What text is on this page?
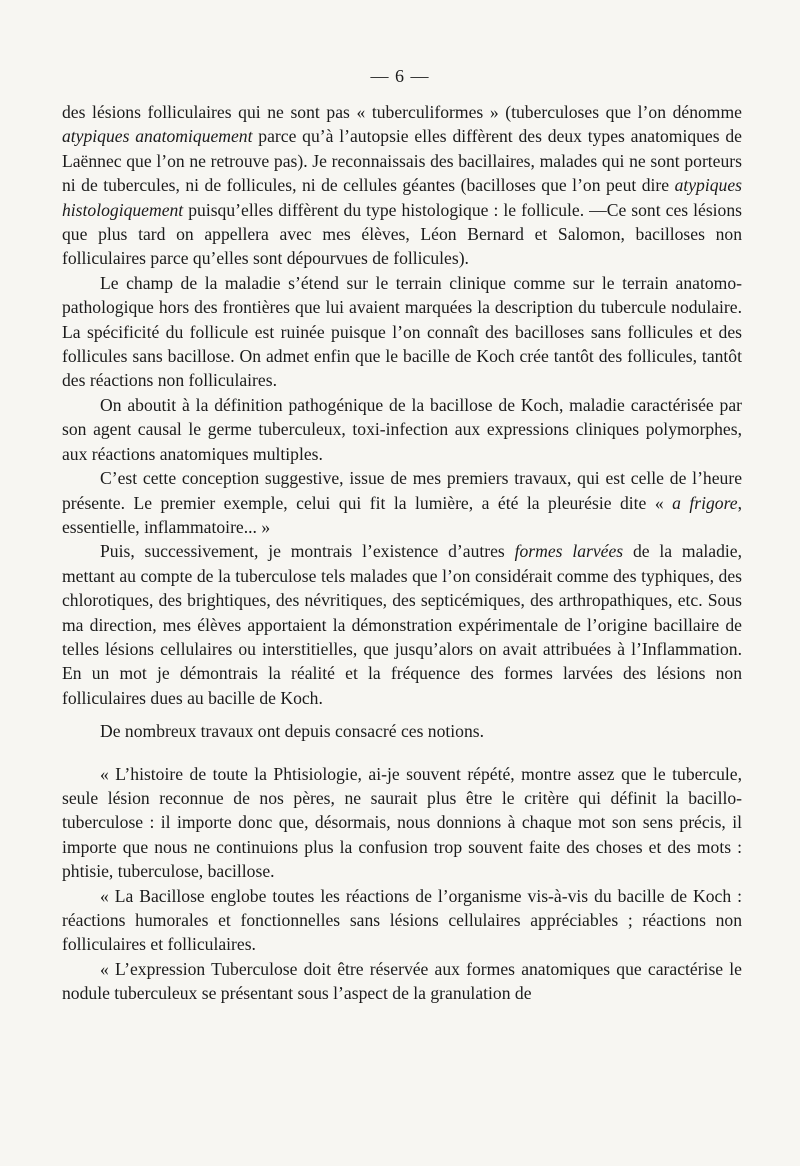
— 6 —

des lésions folliculaires qui ne sont pas « tuberculiformes » (tuberculoses que l’on dénomme atypiques anatomiquement parce qu’à l’autopsie elles diffèrent des deux types anatomiques de Laënnec que l’on ne retrouve pas). Je reconnaissais des bacillaires, malades qui ne sont porteurs ni de tubercules, ni de follicules, ni de cellules géantes (bacilloses que l’on peut dire atypiques histologiquement puisqu’elles diffèrent du type histologique : le follicule. —Ce sont ces lésions que plus tard on appellera avec mes élèves, Léon Bernard et Salomon, bacilloses non folliculaires parce qu’elles sont dépourvues de follicules).

Le champ de la maladie s’étend sur le terrain clinique comme sur le terrain anatomo-pathologique hors des frontières que lui avaient marquées la description du tubercule nodulaire. La spécificité du follicule est ruinée puisque l’on connaît des bacilloses sans follicules et des follicules sans bacillose. On admet enfin que le bacille de Koch crée tantôt des follicules, tantôt des réactions non folliculaires.

On aboutit à la définition pathogénique de la bacillose de Koch, maladie caractérisée par son agent causal le germe tuberculeux, toxi-infection aux expressions cliniques polymorphes, aux réactions anatomiques multiples.

C’est cette conception suggestive, issue de mes premiers travaux, qui est celle de l’heure présente. Le premier exemple, celui qui fit la lumière, a été la pleurésie dite « a frigore, essentielle, inflammatoire... »

Puis, successivement, je montrais l’existence d’autres formes larvées de la maladie, mettant au compte de la tuberculose tels malades que l’on considérait comme des typhiques, des chlorotiques, des brightiques, des névritiques, des septicémiques, des arthropathiques, etc. Sous ma direction, mes élèves apportaient la démonstration expérimentale de l’origine bacillaire de telles lésions cellulaires ou interstitielles, que jusqu’alors on avait attribuées à l’Inflammation. En un mot je démontrais la réalité et la fréquence des formes larvées des lésions non folliculaires dues au bacille de Koch.

De nombreux travaux ont depuis consacré ces notions.

« L’histoire de toute la Phtisiologie, ai-je souvent répété, montre assez que le tubercule, seule lésion reconnue de nos pères, ne saurait plus être le critère qui définit la bacillo-tuberculose : il importe donc que, désormais, nous donnions à chaque mot son sens précis, il importe que nous ne continuions plus la confusion trop souvent faite des choses et des mots : phtisie, tuberculose, bacillose.

« La Bacillose englobe toutes les réactions de l’organisme vis-à-vis du bacille de Koch : réactions humorales et fonctionnelles sans lésions cellulaires appréciables ; réactions non folliculaires et folliculaires.

« L’expression Tuberculose doit être réservée aux formes anatomiques que caractérise le nodule tuberculeux se présentant sous l’aspect de la granulation de
